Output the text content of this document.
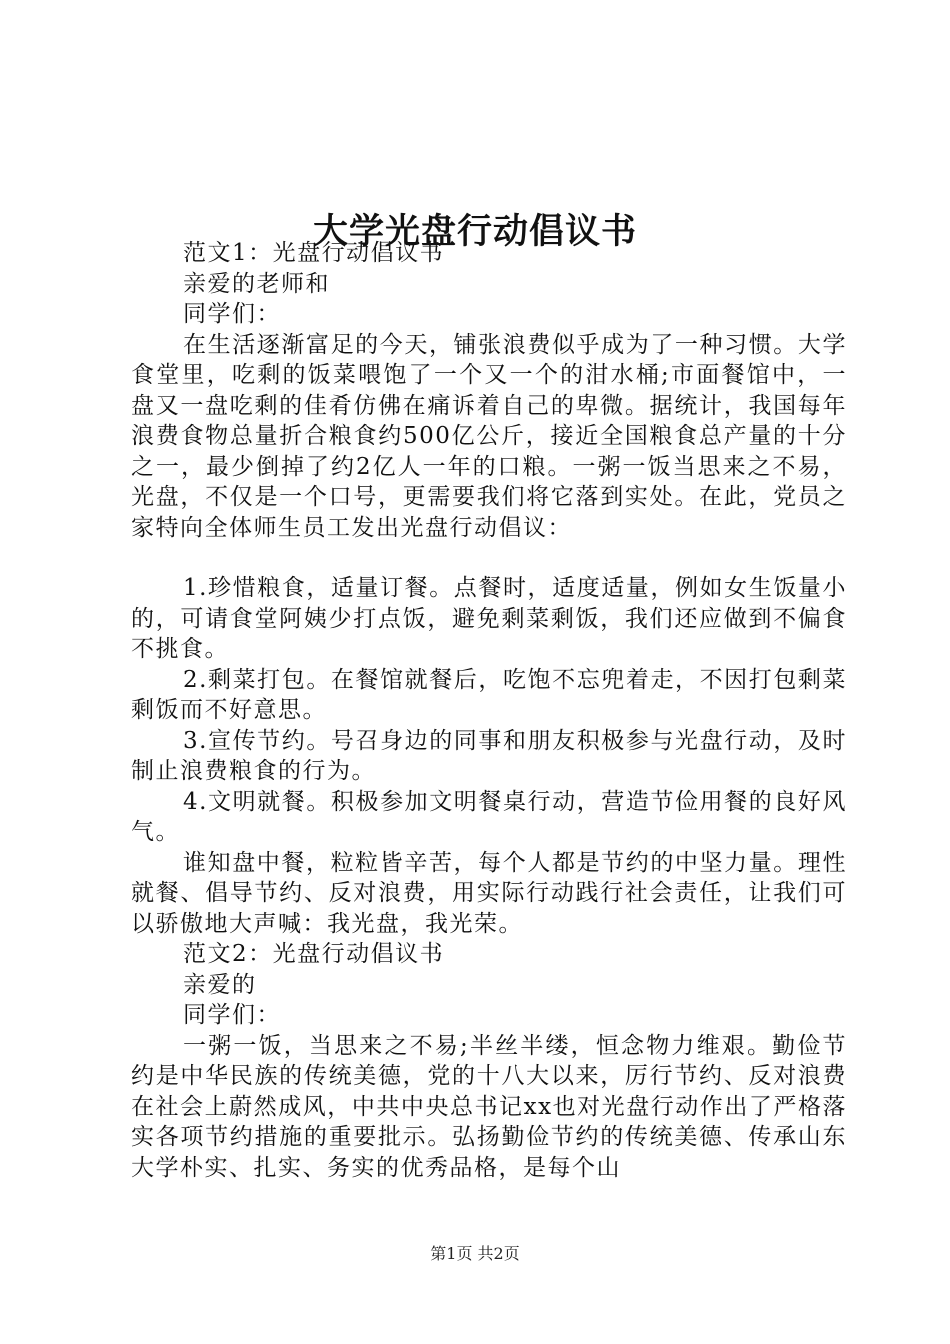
大学光盘行动倡议书

范文1：光盘行动倡议书

亲爱的老师和

同学们：

在生活逐渐富足的今天，铺张浪费似乎成为了一种习惯。大学食堂里，吃剩的饭菜喂饱了一个又一个的泔水桶;市面餐馆中，一盘又一盘吃剩的佳肴仿佛在痛诉着自己的卑微。据统计，我国每年浪费食物总量折合粮食约500亿公斤，接近全国粮食总产量的十分之一，最少倒掉了约2亿人一年的口粮。一粥一饭当思来之不易，光盘，不仅是一个口号，更需要我们将它落到实处。在此，党员之家特向全体师生员工发出光盘行动倡议：

1.珍惜粮食，适量订餐。点餐时，适度适量，例如女生饭量小的，可请食堂阿姨少打点饭，避免剩菜剩饭，我们还应做到不偏食不挑食。

2.剩菜打包。在餐馆就餐后，吃饱不忘兜着走，不因打包剩菜剩饭而不好意思。

3.宣传节约。号召身边的同事和朋友积极参与光盘行动，及时制止浪费粮食的行为。

4.文明就餐。积极参加文明餐桌行动，营造节俭用餐的良好风气。

谁知盘中餐，粒粒皆辛苦，每个人都是节约的中坚力量。理性就餐、倡导节约、反对浪费，用实际行动践行社会责任，让我们可以骄傲地大声喊：我光盘，我光荣。

范文2：光盘行动倡议书

亲爱的

同学们：

一粥一饭，当思来之不易;半丝半缕，恒念物力维艰。勤俭节约是中华民族的传统美德，党的十八大以来，厉行节约、反对浪费在社会上蔚然成风，中共中央总书记xx也对光盘行动作出了严格落实各项节约措施的重要批示。弘扬勤俭节约的传统美德、传承山东大学朴实、扎实、务实的优秀品格，是每个山

第1页 共2页
